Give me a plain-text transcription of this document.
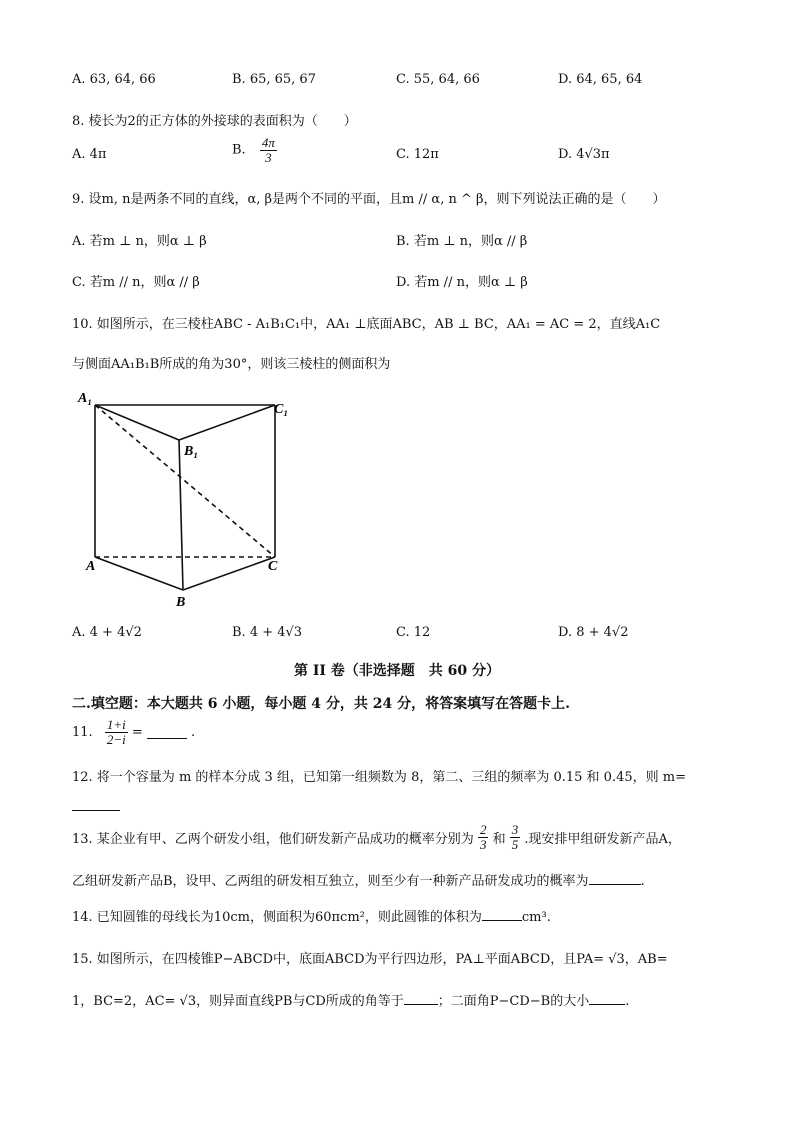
A. 63, 64, 66	B. 65, 65, 67	C. 55, 64, 66	D. 64, 65, 64
8. 棱长为2的正方体的外接球的表面积为（　　）
A. 4π	B. $\frac{4\pi}{3}$	C. 12π	D. 4√3π
9. 设m, n是两条不同的直线，α, β是两个不同的平面，且m // α, n ^ β，则下列说法正确的是（　　）
A. 若m ⊥ n，则α ⊥ β	B. 若m ⊥ n，则α // β
C. 若m // n，则α // β	D. 若m // n，则α ⊥ β
10. 如图所示，在三棱柱ABC - A₁B₁C₁中，AA₁ ⊥底面ABC，AB ⊥ BC，AA₁ = AC = 2，直线A₁C
与侧面AA₁B₁B所成的角为30°，则该三棱柱的侧面积为
A₁
B₁
C₁
A
B
C
A. 4 + 4√2	B. 4 + 4√3	C. 12	D. 8 + 4√2
第 II 卷（非选择题　共 60 分）
二.填空题：本大题共 6 小题，每小题 4 分，共 24 分，将答案填写在答题卡上.
11. $\frac{1+i}{2-i}$ =	.
12. 将一个容量为 m 的样本分成 3 组，已知第一组频数为 8，第二、三组的频率为 0.15 和 0.45，则 m=
13. 某企业有甲、乙两个研发小组，他们研发新产品成功的概率分别为 $\frac{2}{3}$ 和 $\frac{3}{5}$ .现安排甲组研发新产品A，
乙组研发新产品B，设甲、乙两组的研发相互独立，则至少有一种新产品研发成功的概率为	.
14. 已知圆锥的母线长为10cm，侧面积为60πcm²，则此圆锥的体积为	cm³.
15. 如图所示，在四棱锥P−ABCD中，底面ABCD为平行四边形，PA⊥平面ABCD，且PA= √3，AB=
1，BC=2，AC= √3，则异面直线PB与CD所成的角等于	；二面角P−CD−B的大小	.
